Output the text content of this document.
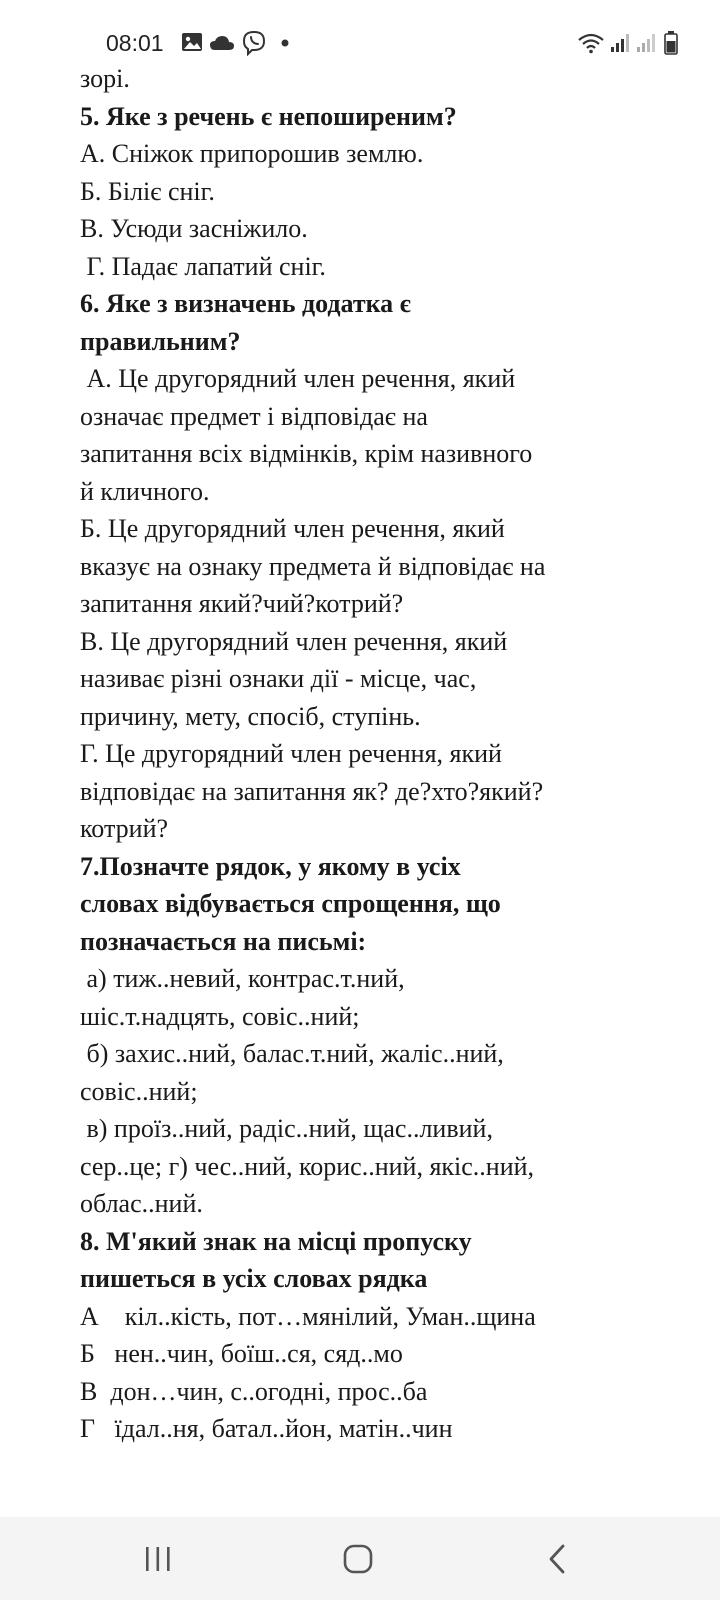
08:01
зорі.
5. Яке з речень є непоширеним?
А. Сніжок припорошив землю.
Б. Біліє сніг.
В. Усюди засніжило.
Г. Падає лапатий сніг.
6. Яке з визначень додатка є
правильним?
А. Це другорядний член речення, який
означає предмет і відповідає на
запитання всіх відмінків, крім називного
й кличного.
Б. Це другорядний член речення, який
вказує на ознаку предмета й відповідає на
запитання який?чий?котрий?
В. Це другорядний член речення, який
називає різні ознаки дії - місце, час,
причину, мету, спосіб, ступінь.
Г. Це другорядний член речення, який
відповідає на запитання як? де?хто?який?
котрий?
7.Позначте рядок, у якому в усіх
словах відбувається спрощення, що
позначається на письмі:
а) тиж..невий, контрас.т.ний,
шіс.т.надцять, совіс..ний;
б) захис..ний, балас.т.ний, жаліс..ний,
совіс..ний;
в) проїз..ний, радіс..ний, щас..ливий,
сер..це; г) чес..ний, корис..ний, якіс..ний,
облас..ний.
8. М'який знак на місці пропуску
пишеться в усіх словах рядка
А    кіл..кість, пот…мянілий, Уман..щина
Б   нен..чин, боїш..ся, сяд..мо
В  дон…чин, с..огодні, прос..ба
Г   їдал..ня, батал..йон, матін..чин
